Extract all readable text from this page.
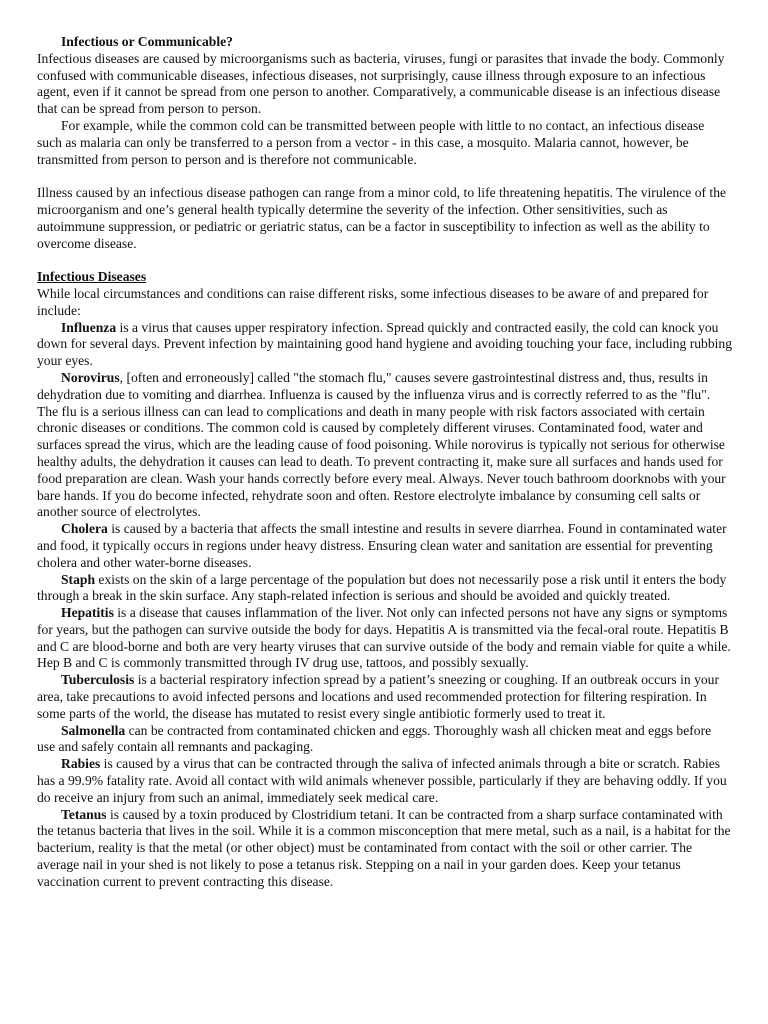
Infectious or Communicable?

Infectious diseases are caused by microorganisms such as bacteria, viruses, fungi or parasites that invade the body. Commonly confused with communicable diseases, infectious diseases, not surprisingly, cause illness through exposure to an infectious agent, even if it cannot be spread from one person to another. Comparatively, a communicable disease is an infectious disease that can be spread from person to person.

For example, while the common cold can be transmitted between people with little to no contact, an infectious disease such as malaria can only be transferred to a person from a vector - in this case, a mosquito. Malaria cannot, however, be transmitted from person to person and is therefore not communicable.

Illness caused by an infectious disease pathogen can range from a minor cold, to life threatening hepatitis. The virulence of the microorganism and one’s general health typically determine the severity of the infection. Other sensitivities, such as autoimmune suppression, or pediatric or geriatric status, can be a factor in susceptibility to infection as well as the ability to overcome disease.

Infectious Diseases

While local circumstances and conditions can raise different risks, some infectious diseases to be aware of and prepared for include:

Influenza is a virus that causes upper respiratory infection. Spread quickly and contracted easily, the cold can knock you down for several days. Prevent infection by maintaining good hand hygiene and avoiding touching your face, including rubbing your eyes.

Norovirus, [often and erroneously] called "the stomach flu," causes severe gastrointestinal distress and, thus, results in dehydration due to vomiting and diarrhea. Influenza is caused by the influenza virus and is correctly referred to as the "flu". The flu is a serious illness can can lead to complications and death in many people with risk factors associated with certain chronic diseases or conditions. The common cold is caused by completely different viruses. Contaminated food, water and surfaces spread the virus, which are the leading cause of food poisoning. While norovirus is typically not serious for otherwise healthy adults, the dehydration it causes can lead to death. To prevent contracting it, make sure all surfaces and hands used for food preparation are clean. Wash your hands correctly before every meal. Always. Never touch bathroom doorknobs with your bare hands. If you do become infected, rehydrate soon and often. Restore electrolyte imbalance by consuming cell salts or another source of electrolytes.

Cholera is caused by a bacteria that affects the small intestine and results in severe diarrhea. Found in contaminated water and food, it typically occurs in regions under heavy distress. Ensuring clean water and sanitation are essential for preventing cholera and other water-borne diseases.

Staph exists on the skin of a large percentage of the population but does not necessarily pose a risk until it enters the body through a break in the skin surface. Any staph-related infection is serious and should be avoided and quickly treated.

Hepatitis is a disease that causes inflammation of the liver. Not only can infected persons not have any signs or symptoms for years, but the pathogen can survive outside the body for days. Hepatitis A is transmitted via the fecal-oral route. Hepatitis B and C are blood-borne and both are very hearty viruses that can survive outside of the body and remain viable for quite a while. Hep B and C is commonly transmitted through IV drug use, tattoos, and possibly sexually.

Tuberculosis is a bacterial respiratory infection spread by a patient’s sneezing or coughing. If an outbreak occurs in your area, take precautions to avoid infected persons and locations and used recommended protection for filtering respiration. In some parts of the world, the disease has mutated to resist every single antibiotic formerly used to treat it.

Salmonella can be contracted from contaminated chicken and eggs. Thoroughly wash all chicken meat and eggs before use and safely contain all remnants and packaging.

Rabies is caused by a virus that can be contracted through the saliva of infected animals through a bite or scratch. Rabies has a 99.9% fatality rate. Avoid all contact with wild animals whenever possible, particularly if they are behaving oddly. If you do receive an injury from such an animal, immediately seek medical care.

Tetanus is caused by a toxin produced by Clostridium tetani. It can be contracted from a sharp surface contaminated with the tetanus bacteria that lives in the soil. While it is a common misconception that mere metal, such as a nail, is a habitat for the bacterium, reality is that the metal (or other object) must be contaminated from contact with the soil or other carrier. The average nail in your shed is not likely to pose a tetanus risk. Stepping on a nail in your garden does. Keep your tetanus vaccination current to prevent contracting this disease.
